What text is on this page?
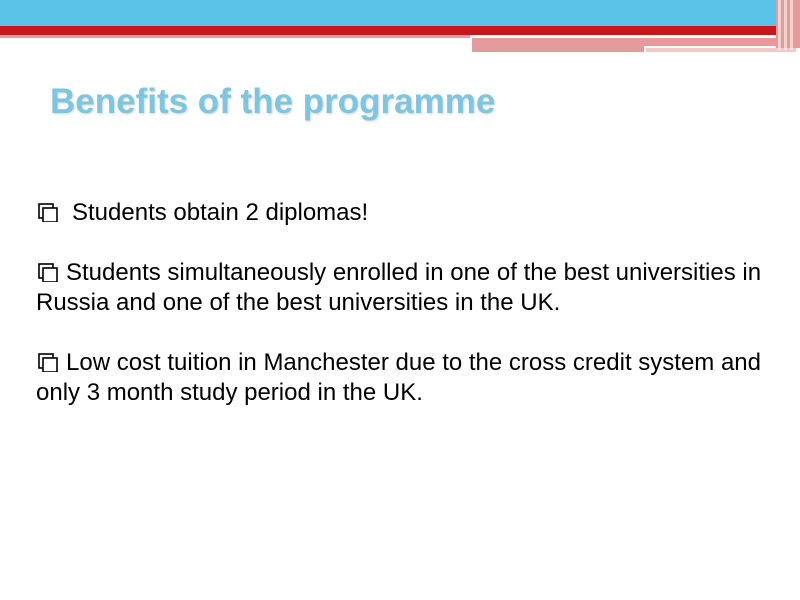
Benefits of the programme
Students obtain 2 diplomas!
Students simultaneously enrolled in one of the best universities in Russia and one of the best universities in the UK.
Low cost tuition in Manchester due to the cross credit system and only 3 month study period in the UK.
